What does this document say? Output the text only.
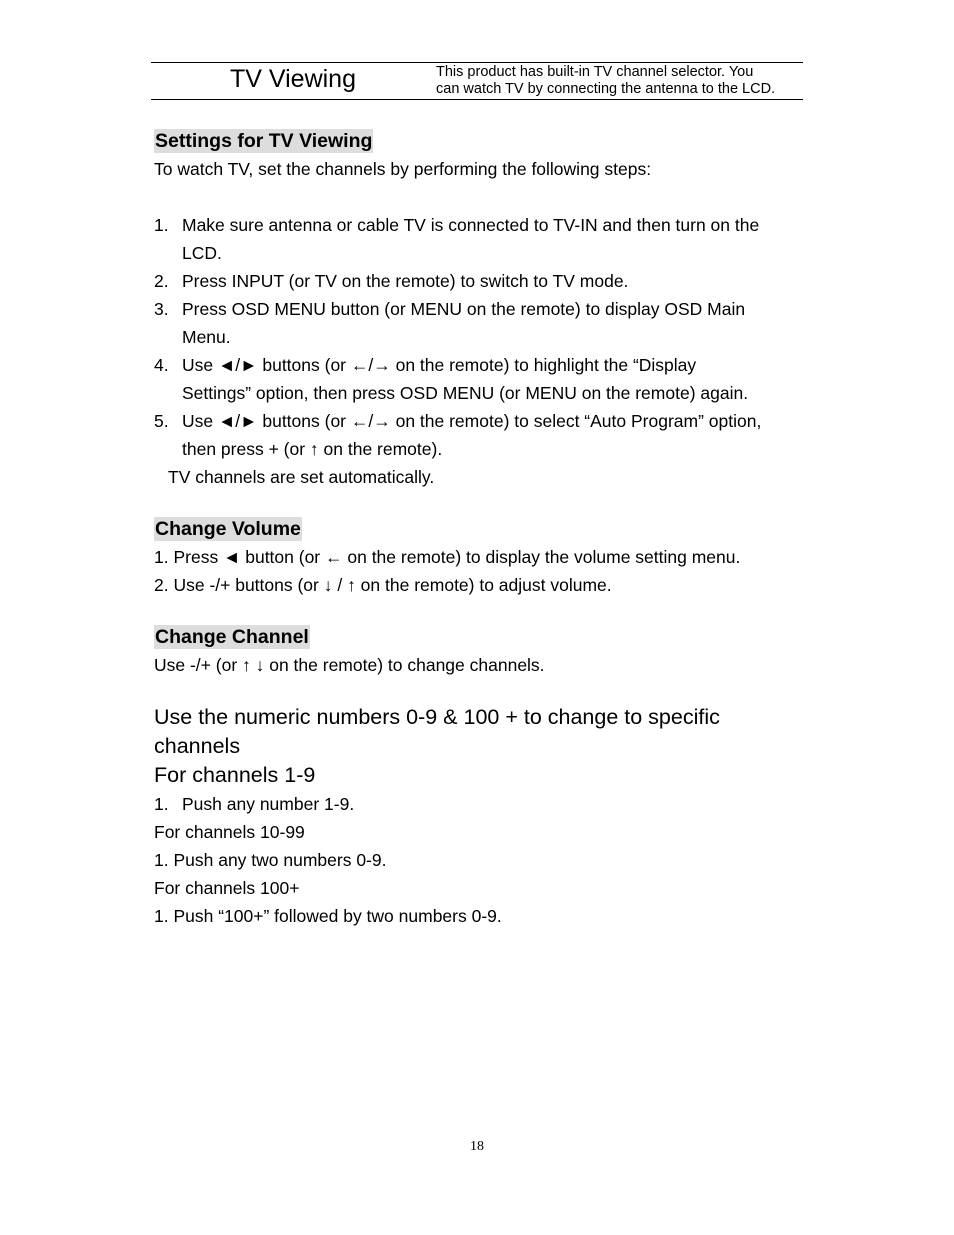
TV Viewing	This product has built-in TV channel selector. You
can watch TV by connecting the antenna to the LCD.
Settings for TV Viewing
To watch TV, set the channels by performing the following steps:
1. Make sure antenna or cable TV is connected to TV-IN and then turn on the
LCD.
2. Press INPUT (or TV on the remote) to switch to TV mode.
3. Press OSD MENU button (or MENU on the remote) to display OSD Main
Menu.
4. Use ◄/► buttons (or ←/→ on the remote) to highlight the “Display
Settings” option, then press OSD MENU (or MENU on the remote) again.
5. Use ◄/► buttons (or ←/→ on the remote) to select “Auto Program” option,
then press + (or ↑ on the remote).
TV channels are set automatically.
Change Volume
1. Press ◄ button (or ← on the remote) to display the volume setting menu.
2. Use -/+ buttons (or ↓ / ↑ on the remote) to adjust volume.
Change Channel
Use -/+ (or ↑ ↓ on the remote) to change channels.
Use the numeric numbers 0-9 & 100 + to change to specific
channels
For channels 1-9
1. Push any number 1-9.
For channels 10-99
1. Push any two numbers 0-9.
For channels 100+
1. Push “100+” followed by two numbers 0-9.
18
